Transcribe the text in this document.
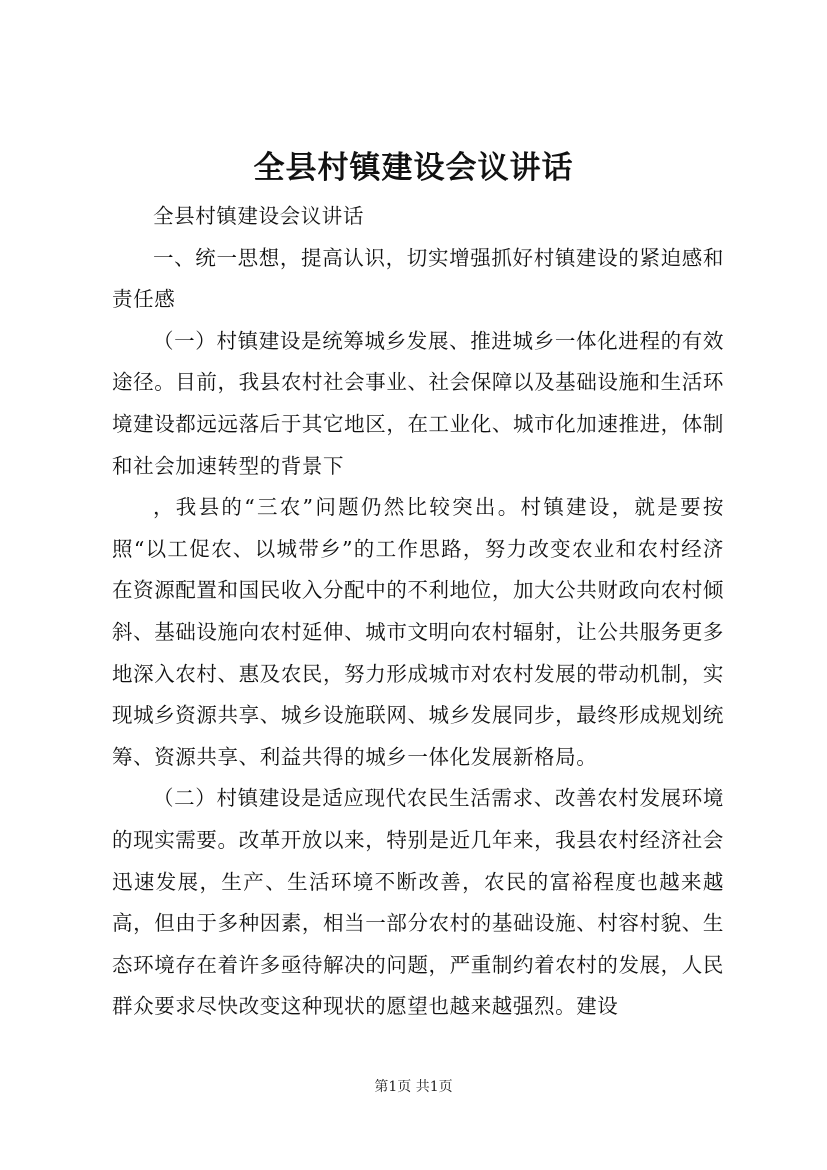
全县村镇建设会议讲话

全县村镇建设会议讲话

一、统一思想，提高认识，切实增强抓好村镇建设的紧迫感和责任感

（一）村镇建设是统筹城乡发展、推进城乡一体化进程的有效途径。目前，我县农村社会事业、社会保障以及基础设施和生活环境建设都远远落后于其它地区，在工业化、城市化加速推进，体制和社会加速转型的背景下

，我县的“三农”问题仍然比较突出。村镇建设，就是要按照“以工促农、以城带乡”的工作思路，努力改变农业和农村经济在资源配置和国民收入分配中的不利地位，加大公共财政向农村倾斜、基础设施向农村延伸、城市文明向农村辐射，让公共服务更多地深入农村、惠及农民，努力形成城市对农村发展的带动机制，实现城乡资源共享、城乡设施联网、城乡发展同步，最终形成规划统筹、资源共享、利益共得的城乡一体化发展新格局。

（二）村镇建设是适应现代农民生活需求、改善农村发展环境的现实需要。改革开放以来，特别是近几年来，我县农村经济社会迅速发展，生产、生活环境不断改善，农民的富裕程度也越来越高，但由于多种因素，相当一部分农村的基础设施、村容村貌、生态环境存在着许多亟待解决的问题，严重制约着农村的发展，人民群众要求尽快改变这种现状的愿望也越来越强烈。建设

第1页 共1页
